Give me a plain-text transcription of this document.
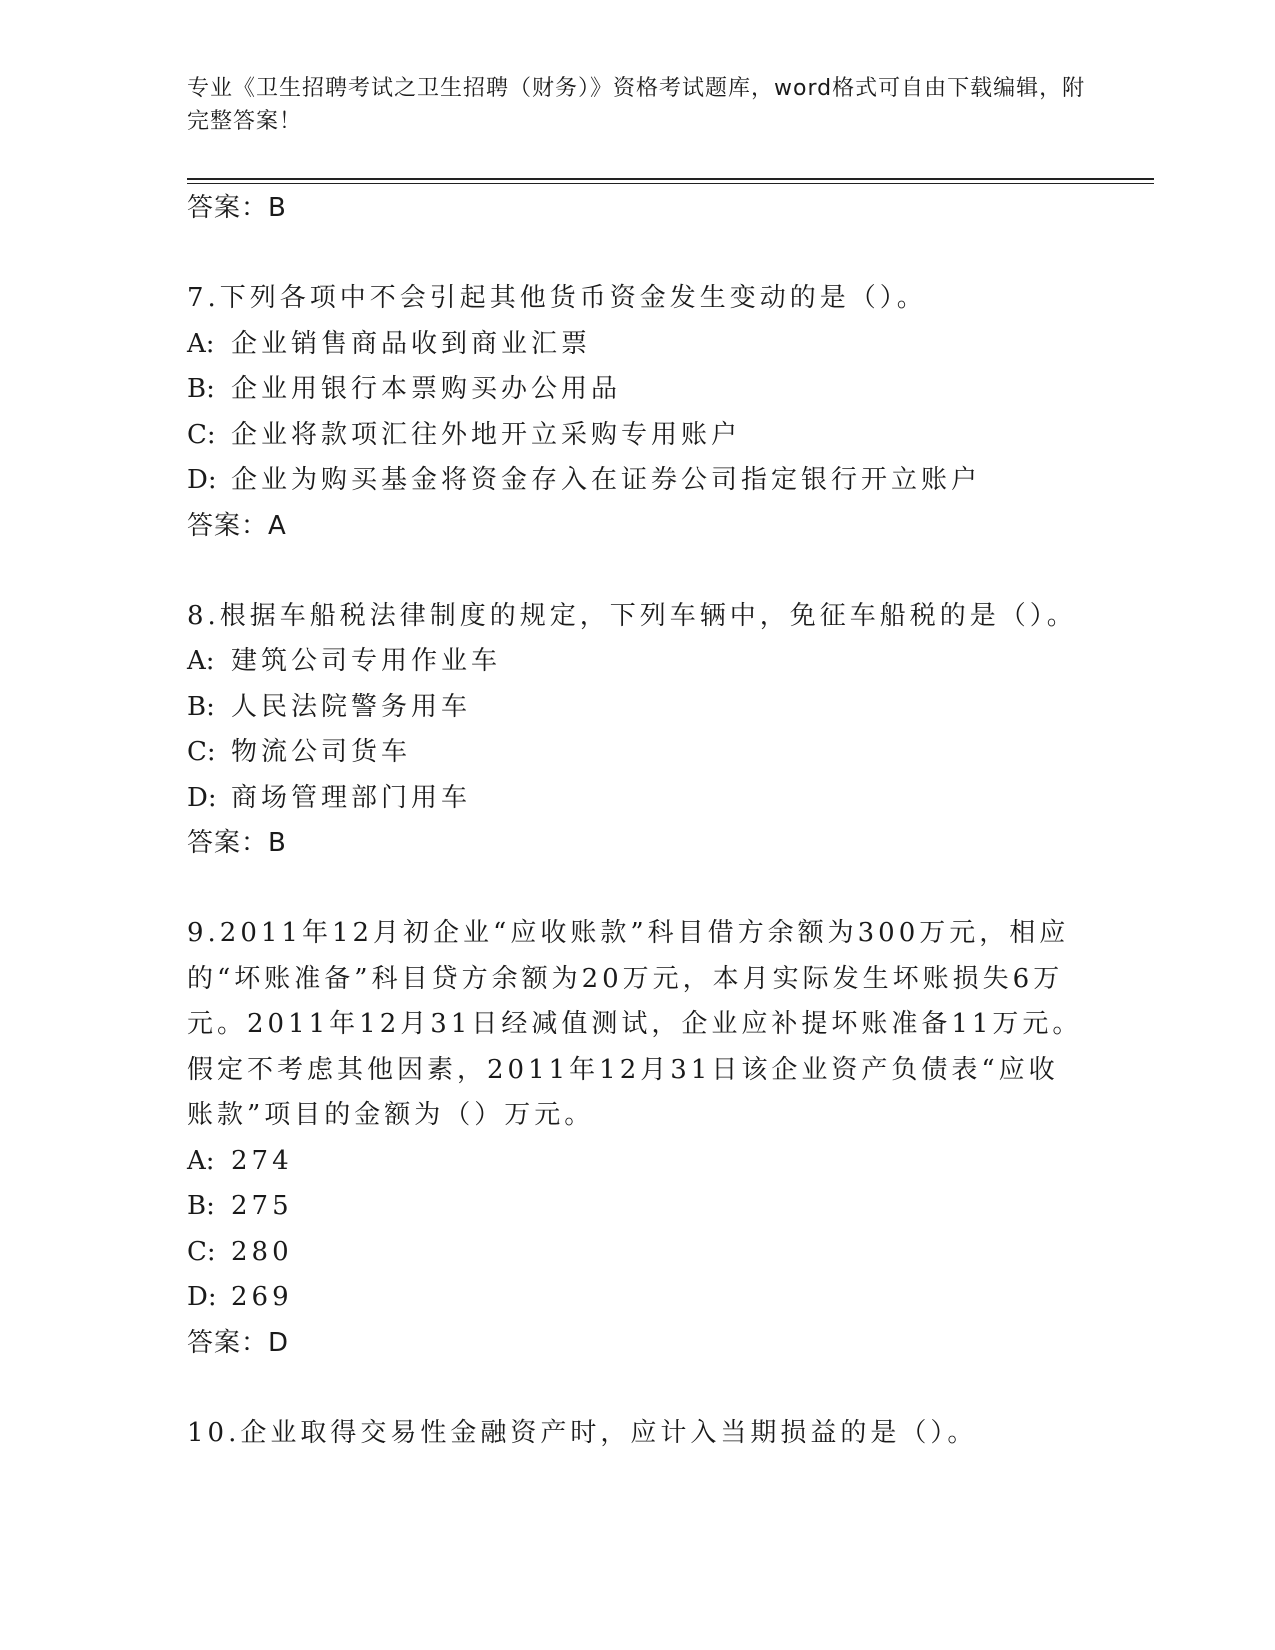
专业《卫生招聘考试之卫生招聘（财务）》资格考试题库，word格式可自由下载编辑，附完整答案！
答案：B
7.下列各项中不会引起其他货币资金发生变动的是（）。
A: 企业销售商品收到商业汇票
B: 企业用银行本票购买办公用品
C: 企业将款项汇往外地开立采购专用账户
D: 企业为购买基金将资金存入在证券公司指定银行开立账户
答案：A
8.根据车船税法律制度的规定，下列车辆中，免征车船税的是（）。
A: 建筑公司专用作业车
B: 人民法院警务用车
C: 物流公司货车
D: 商场管理部门用车
答案：B
9.2011年12月初企业“应收账款”科目借方余额为300万元，相应的“坏账准备”科目贷方余额为20万元，本月实际发生坏账损失6万元。2011年12月31日经减值测试，企业应补提坏账准备11万元。假定不考虑其他因素，2011年12月31日该企业资产负债表“应收账款”项目的金额为（）万元。
A: 274
B: 275
C: 280
D: 269
答案：D
10.企业取得交易性金融资产时，应计入当期损益的是（）。
